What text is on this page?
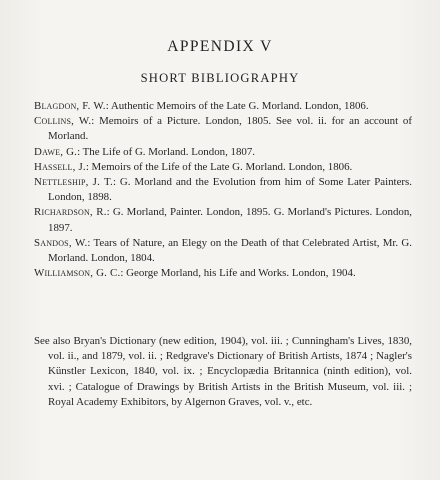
APPENDIX V
SHORT BIBLIOGRAPHY

Blagdon, F. W.: Authentic Memoirs of the Late G. Morland. London, 1806.

Collins, W.: Memoirs of a Picture. London, 1805. See vol. ii. for an account of Morland.

Dawe, G.: The Life of G. Morland. London, 1807.

Hassell, J.: Memoirs of the Life of the Late G. Morland. London, 1806.

Nettleship, J. T.: G. Morland and the Evolution from him of Some Later Painters. London, 1898.

Richardson, R.: G. Morland, Painter. London, 1895. G. Morland's Pictures. London, 1897.

Sandos, W.: Tears of Nature, an Elegy on the Death of that Celebrated Artist, Mr. G. Morland. London, 1804.

Williamson, G. C.: George Morland, his Life and Works. London, 1904.

See also Bryan's Dictionary (new edition, 1904), vol. iii. ; Cunningham's Lives, 1830, vol. ii., and 1879, vol. ii. ; Redgrave's Dictionary of British Artists, 1874 ; Nagler's Künstler Lexicon, 1840, vol. ix. ; Encyclopædia Britannica (ninth edition), vol. xvi. ; Catalogue of Drawings by British Artists in the British Museum, vol. iii. ; Royal Academy Exhibitors, by Algernon Graves, vol. v., etc.
